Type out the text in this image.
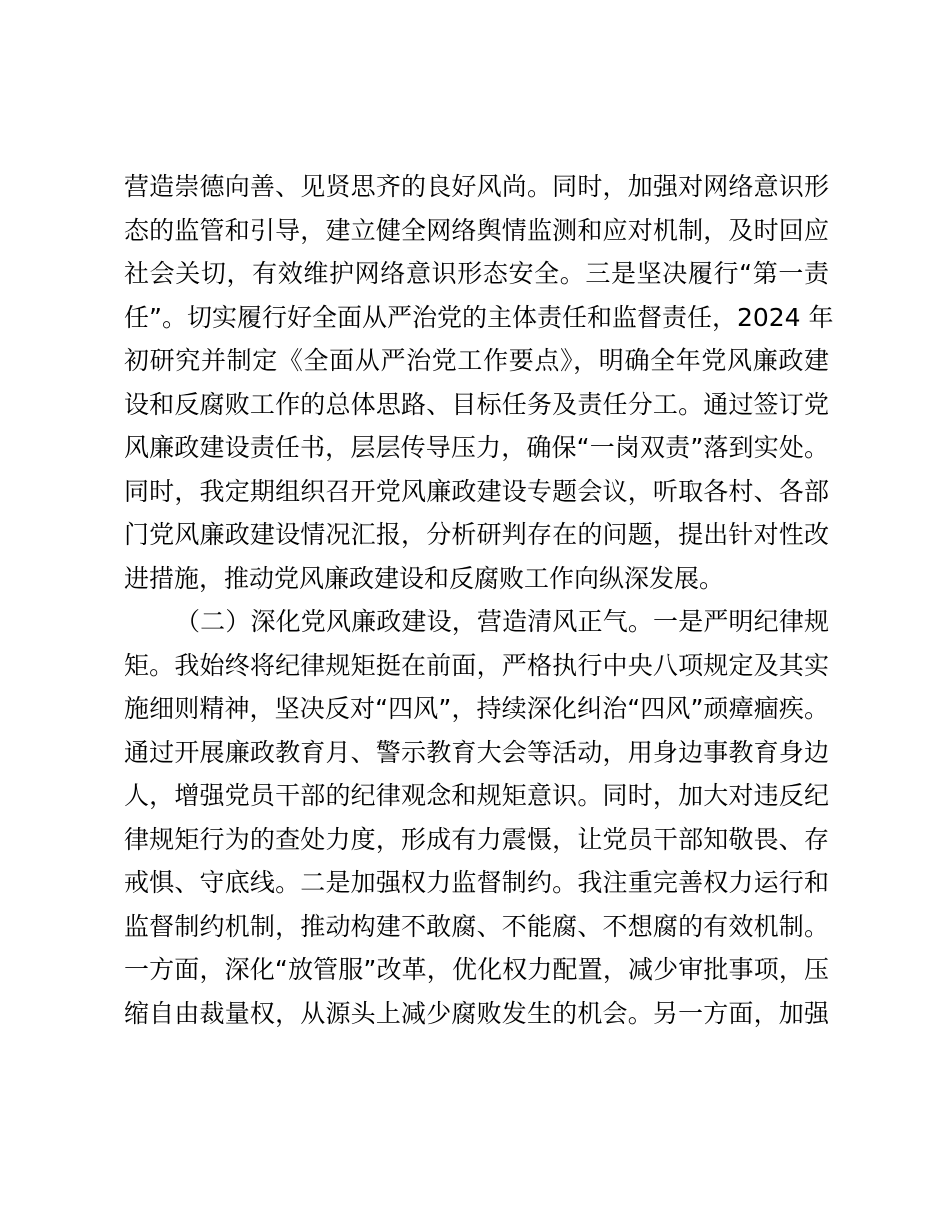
营造崇德向善、见贤思齐的良好风尚。同时，加强对网络意识形
态的监管和引导，建立健全网络舆情监测和应对机制，及时回应
社会关切，有效维护网络意识形态安全。三是坚决履行“第一责
任”。切实履行好全面从严治党的主体责任和监督责任，2024 年
初研究并制定《全面从严治党工作要点》，明确全年党风廉政建
设和反腐败工作的总体思路、目标任务及责任分工。通过签订党
风廉政建设责任书，层层传导压力，确保“一岗双责”落到实处。
同时，我定期组织召开党风廉政建设专题会议，听取各村、各部
门党风廉政建设情况汇报，分析研判存在的问题，提出针对性改
进措施，推动党风廉政建设和反腐败工作向纵深发展。
（二）深化党风廉政建设，营造清风正气。一是严明纪律规
矩。我始终将纪律规矩挺在前面，严格执行中央八项规定及其实
施细则精神，坚决反对“四风”，持续深化纠治“四风”顽瘴痼疾。
通过开展廉政教育月、警示教育大会等活动，用身边事教育身边
人，增强党员干部的纪律观念和规矩意识。同时，加大对违反纪
律规矩行为的查处力度，形成有力震慑，让党员干部知敬畏、存
戒惧、守底线。二是加强权力监督制约。我注重完善权力运行和
监督制约机制，推动构建不敢腐、不能腐、不想腐的有效机制。
一方面，深化“放管服”改革，优化权力配置，减少审批事项，压
缩自由裁量权，从源头上减少腐败发生的机会。另一方面，加强
